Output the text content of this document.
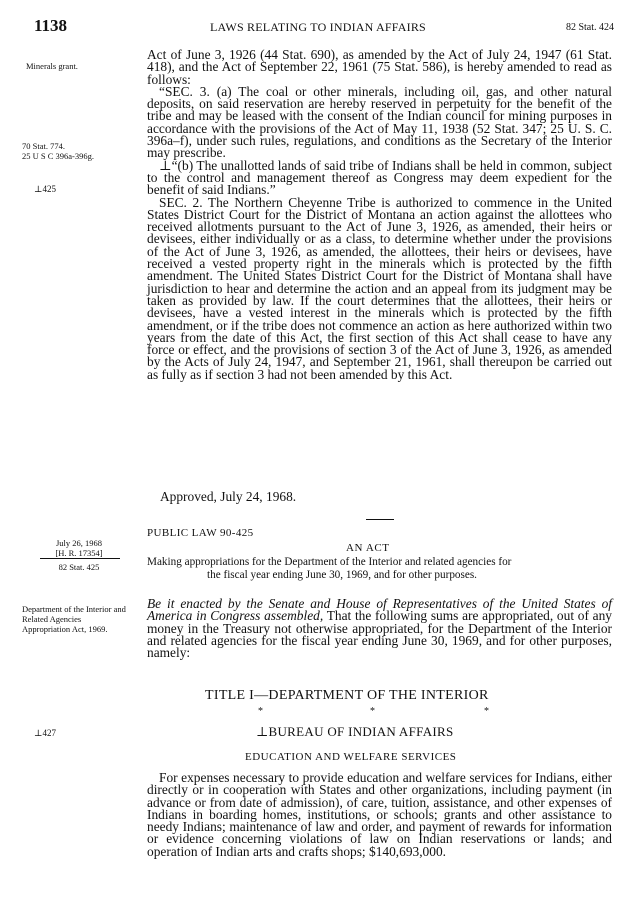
1138	LAWS RELATING TO INDIAN AFFAIRS	82 Stat. 424
Minerals grant.
70 Stat. 774.
25 U S C 396a-396g.
⊥425

Act of June 3, 1926 (44 Stat. 690), as amended by the Act of July 24, 1947 (61 Stat. 418), and the Act of September 22, 1961 (75 Stat. 586), is hereby amended to read as follows:

“SEC. 3. (a) The coal or other minerals, including oil, gas, and other natural deposits, on said reservation are hereby reserved in perpetuity for the benefit of the tribe and may be leased with the consent of the Indian council for mining purposes in accordance with the provisions of the Act of May 11, 1938 (52 Stat. 347; 25 U. S. C. 396a–f), under such rules, regulations, and conditions as the Secretary of the Interior may prescribe.

⊥“(b) The unallotted lands of said tribe of Indians shall be held in common, subject to the control and management thereof as Congress may deem expedient for the benefit of said Indians.”

SEC. 2. The Northern Cheyenne Tribe is authorized to commence in the United States District Court for the District of Montana an action against the allottees who received allotments pursuant to the Act of June 3, 1926, as amended, their heirs or devisees, either individually or as a class, to determine whether under the provisions of the Act of June 3, 1926, as amended, the allottees, their heirs or devisees, have received a vested property right in the minerals which is protected by the fifth amendment. The United States District Court for the District of Montana shall have jurisdiction to hear and determine the action and an appeal from its judgment may be taken as provided by law. If the court determines that the allottees, their heirs or devisees, have a vested interest in the minerals which is protected by the fifth amendment, or if the tribe does not commence an action as here authorized within two years from the date of this Act, the first section of this Act shall cease to have any force or effect, and the provisions of section 3 of the Act of June 3, 1926, as amended by the Acts of July 24, 1947, and September 21, 1961, shall thereupon be carried out as fully as if section 3 had not been amended by this Act.

Approved, July 24, 1968.
PUBLIC LAW 90-425
July 26, 1968
[H. R. 17354]
82 Stat. 425
AN ACT
Making appropriations for the Department of the Interior and related agencies for
the fiscal year ending June 30, 1969, and for other purposes.
Department of the Interior and Related Agencies Appropriation Act, 1969.
Be it enacted by the Senate and House of Representatives of the United States of America in Congress assembled, That the following sums are appropriated, out of any money in the Treasury not otherwise appropriated, for the Department of the Interior and related agencies for the fiscal year ending June 30, 1969, and for other purposes, namely:
TITLE I—DEPARTMENT OF THE INTERIOR
*	*	*
⊥427	⊥BUREAU OF INDIAN AFFAIRS
EDUCATION AND WELFARE SERVICES
For expenses necessary to provide education and welfare services for Indians, either directly or in cooperation with States and other organizations, including payment (in advance or from date of admission), of care, tuition, assistance, and other expenses of Indians in boarding homes, institutions, or schools; grants and other assistance to needy Indians; maintenance of law and order, and payment of rewards for information or evidence concerning violations of law on Indian reservations or lands; and operation of Indian arts and crafts shops; $140,693,000.
